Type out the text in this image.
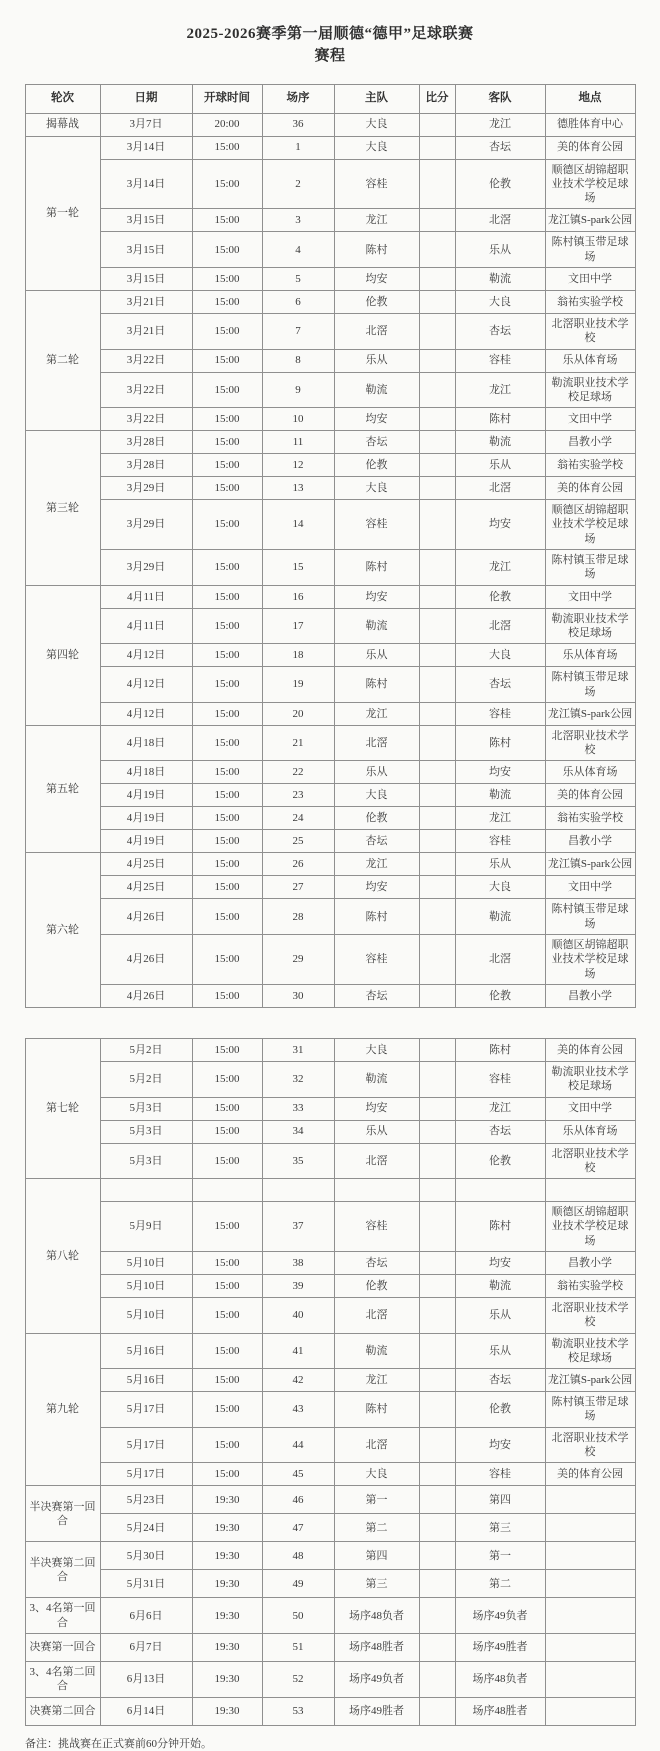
2025-2026赛季第一届顺德“德甲”足球联赛
赛程
轮次	日期	开球时间	场序	主队	比分	客队	地点
揭幕战	3月7日	20:00	36	大良		龙江	德胜体育中心
第一轮	3月14日	15:00	1	大良		杏坛	美的体育公园
	3月14日	15:00	2	容桂		伦教	顺德区胡锦超职业技术学校足球场
	3月15日	15:00	3	龙江		北滘	龙江镇S-park公园
	3月15日	15:00	4	陈村		乐从	陈村镇玉带足球场
	3月15日	15:00	5	均安		勒流	文田中学
第二轮	3月21日	15:00	6	伦教		大良	翁祐实验学校
	3月21日	15:00	7	北滘		杏坛	北滘职业技术学校
	3月22日	15:00	8	乐从		容桂	乐从体育场
	3月22日	15:00	9	勒流		龙江	勒流职业技术学校足球场
	3月22日	15:00	10	均安		陈村	文田中学
第三轮	3月28日	15:00	11	杏坛		勒流	昌教小学
	3月28日	15:00	12	伦教		乐从	翁祐实验学校
	3月29日	15:00	13	大良		北滘	美的体育公园
	3月29日	15:00	14	容桂		均安	顺德区胡锦超职业技术学校足球场
	3月29日	15:00	15	陈村		龙江	陈村镇玉带足球场
第四轮	4月11日	15:00	16	均安		伦教	文田中学
	4月11日	15:00	17	勒流		北滘	勒流职业技术学校足球场
	4月12日	15:00	18	乐从		大良	乐从体育场
	4月12日	15:00	19	陈村		杏坛	陈村镇玉带足球场
	4月12日	15:00	20	龙江		容桂	龙江镇S-park公园
第五轮	4月18日	15:00	21	北滘		陈村	北滘职业技术学校
	4月18日	15:00	22	乐从		均安	乐从体育场
	4月19日	15:00	23	大良		勒流	美的体育公园
	4月19日	15:00	24	伦教		龙江	翁祐实验学校
	4月19日	15:00	25	杏坛		容桂	昌教小学
第六轮	4月25日	15:00	26	龙江		乐从	龙江镇S-park公园
	4月25日	15:00	27	均安		大良	文田中学
	4月26日	15:00	28	陈村		勒流	陈村镇玉带足球场
	4月26日	15:00	29	容桂		北滘	顺德区胡锦超职业技术学校足球场
	4月26日	15:00	30	杏坛		伦教	昌教小学
第七轮	5月2日	15:00	31	大良		陈村	美的体育公园
	5月2日	15:00	32	勒流		容桂	勒流职业技术学校足球场
	5月3日	15:00	33	均安		龙江	文田中学
	5月3日	15:00	34	乐从		杏坛	乐从体育场
	5月3日	15:00	35	北滘		伦教	北滘职业技术学校
第八轮							
	5月9日	15:00	37	容桂		陈村	顺德区胡锦超职业技术学校足球场
	5月10日	15:00	38	杏坛		均安	昌教小学
	5月10日	15:00	39	伦教		勒流	翁祐实验学校
	5月10日	15:00	40	北滘		乐从	北滘职业技术学校
第九轮	5月16日	15:00	41	勒流		乐从	勒流职业技术学校足球场
	5月16日	15:00	42	龙江		杏坛	龙江镇S-park公园
	5月17日	15:00	43	陈村		伦教	陈村镇玉带足球场
	5月17日	15:00	44	北滘		均安	北滘职业技术学校
	5月17日	15:00	45	大良		容桂	美的体育公园
半决赛第一回合	5月23日	19:30	46	第一		第四	
	5月24日	19:30	47	第二		第三	
半决赛第二回合	5月30日	19:30	48	第四		第一	
	5月31日	19:30	49	第三		第二	
3、4名第一回合	6月6日	19:30	50	场序48负者		场序49负者	
决赛第一回合	6月7日	19:30	51	场序48胜者		场序49胜者	
3、4名第二回合	6月13日	19:30	52	场序49负者		场序48负者	
决赛第二回合	6月14日	19:30	53	场序49胜者		场序48胜者	

备注：挑战赛在正式赛前60分钟开始。
